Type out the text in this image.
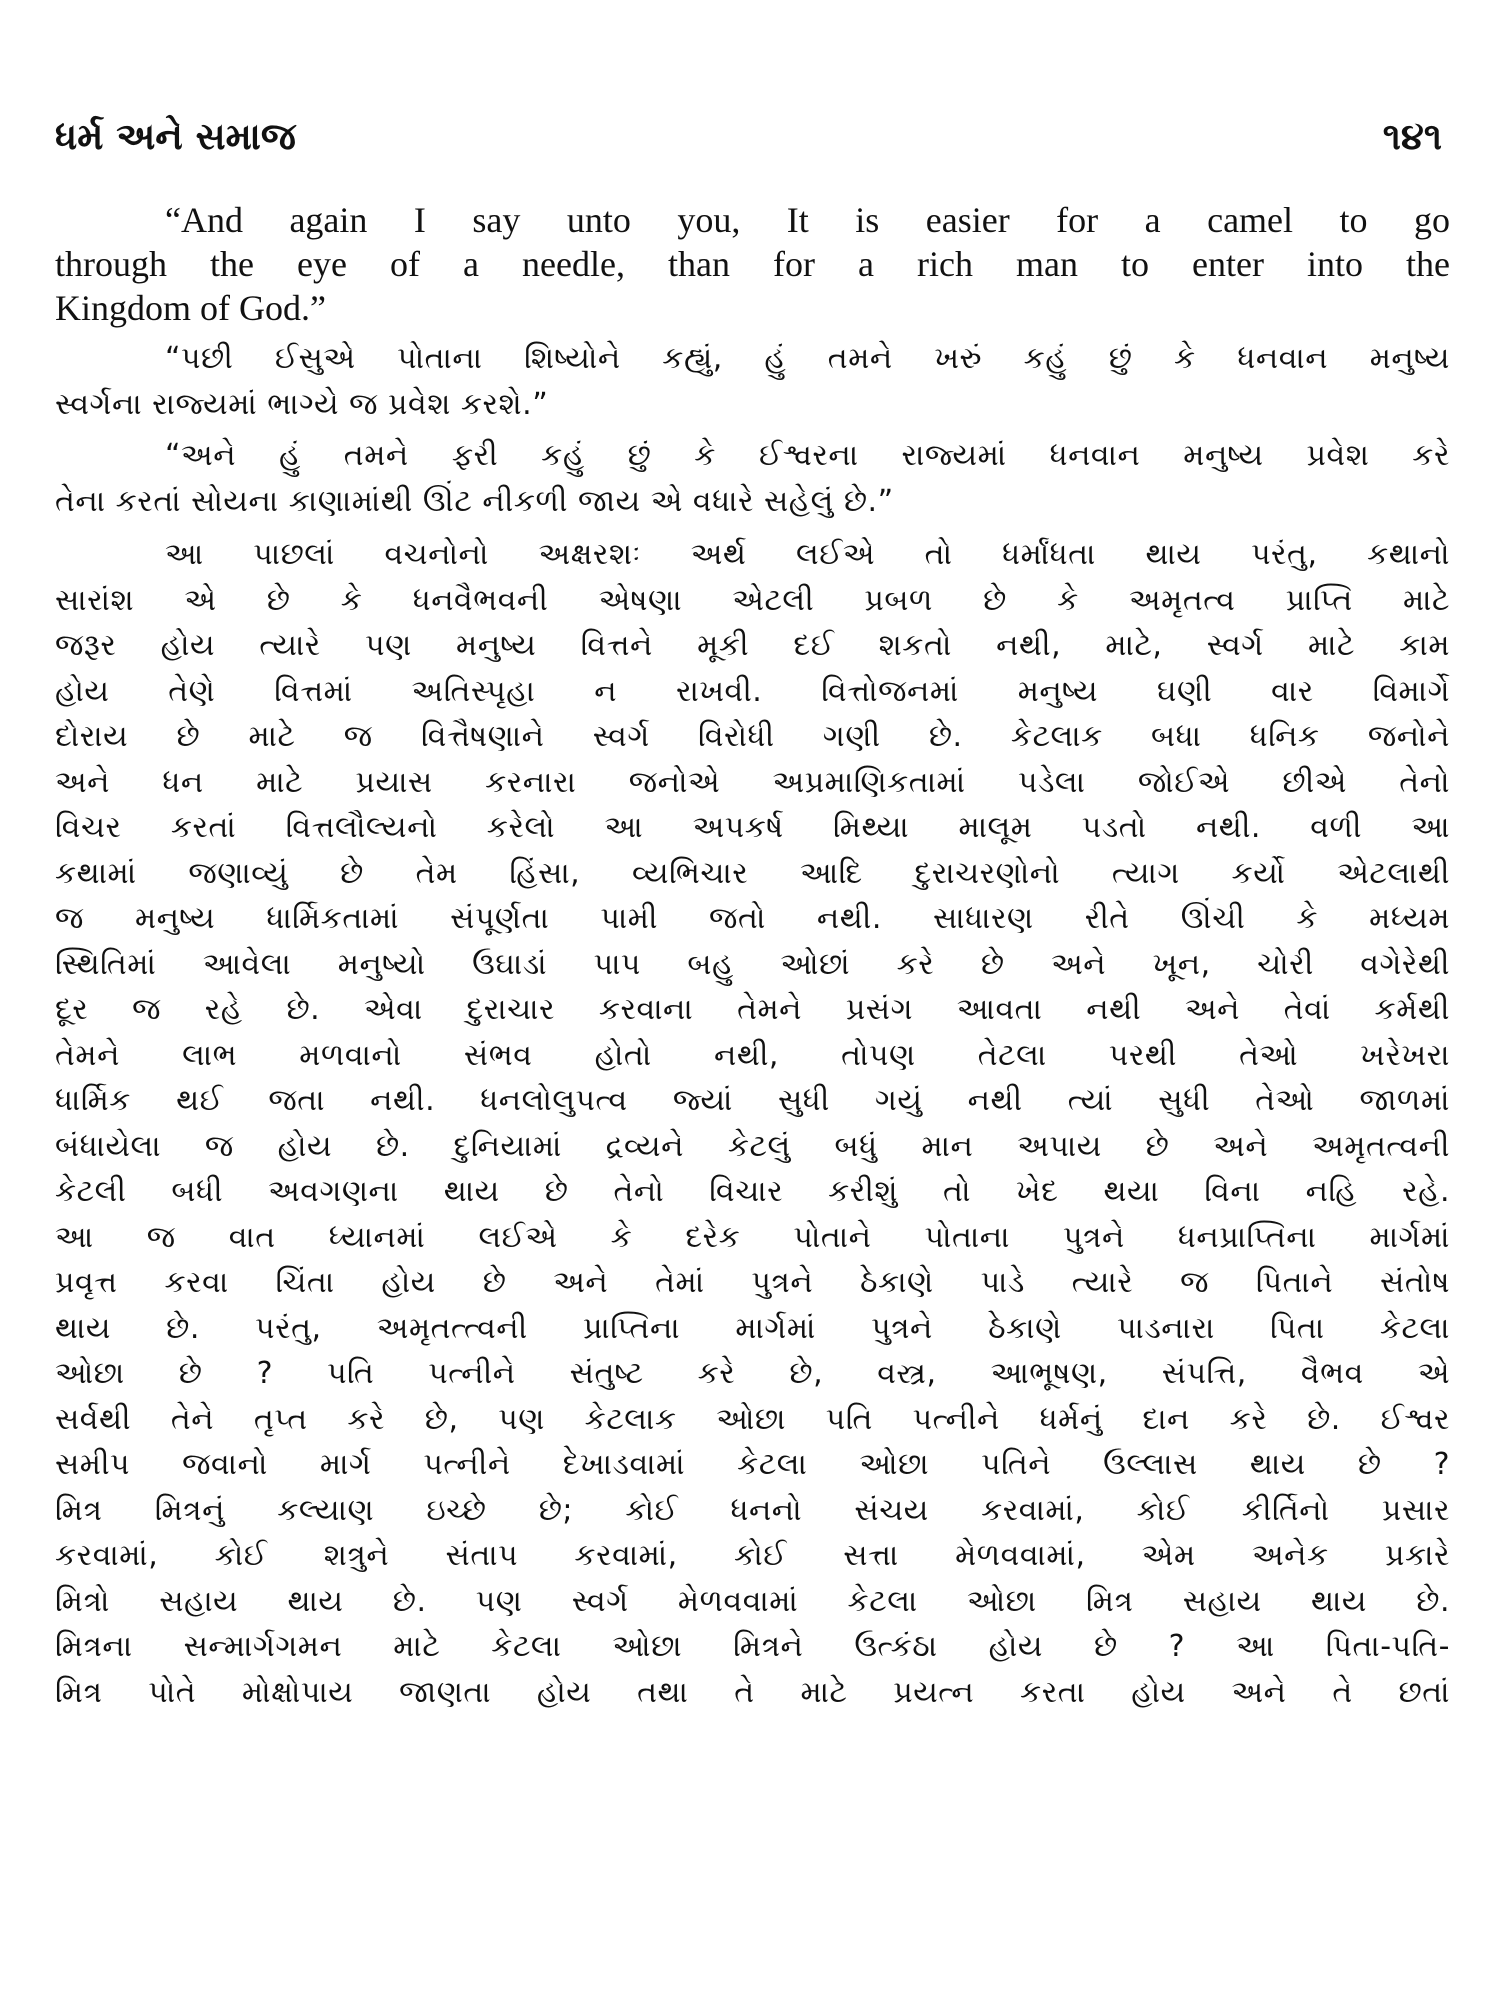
ધર્મ અને સમાજ	૧૪૧
“And again I say unto you, It is easier for a camel to go
through the eye of a needle, than for a rich man to enter into the
Kingdom of God.”
“પછી ઈસુએ પોતાના શિષ્યોને કહ્યું, હું તમને ખરું કહું છું કે ધનવાન મનુષ્ય
સ્વર્ગના રાજ્યમાં ભાગ્યે જ પ્રવેશ કરશે.”
“અને હું તમને ફરી કહું છું કે ઈશ્વરના રાજ્યમાં ધનવાન મનુષ્ય પ્રવેશ કરે
તેના કરતાં સોયના કાણામાંથી ઊંટ નીકળી જાય એ વધારે સહેલું છે.”
આ પાછલાં વચનોનો અક્ષરશઃ અર્થ લઈએ તો ધર્માંધતા થાય પરંતુ, કથાનો
સારાંશ એ છે કે ધનવૈભવની એષણા એટલી પ્રબળ છે કે અમૃતત્વ પ્રાપ્તિ માટે
જરૂર હોય ત્યારે પણ મનુષ્ય વિત્તને મૂકી દઈ શકતો નથી, માટે, સ્વર્ગ માટે કામ
હોય તેણે વિત્તમાં અતિસ્પૃહા ન રાખવી. વિત્તોજનમાં મનુષ્ય ઘણી વાર વિમાર્ગે
દોરાય છે માટે જ વિત્તૈષણાને સ્વર્ગ વિરોધી ગણી છે. કેટલાક બધા ધનિક જનોને
અને ધન માટે પ્રયાસ કરનારા જનોએ અપ્રમાણિકતામાં પડેલા જોઈએ છીએ તેનો
વિચર કરતાં વિત્તલૌલ્યનો કરેલો આ અપકર્ષ મિથ્યા માલૂમ પડતો નથી. વળી આ
કથામાં જણાવ્યું છે તેમ હિંસા, વ્યભિચાર આદિ દુરાચરણોનો ત્યાગ કર્યો એટલાથી
જ મનુષ્ય ધાર્મિકતામાં સંપૂર્ણતા પામી જતો નથી. સાધારણ રીતે ઊંચી કે મધ્યમ
સ્થિતિમાં આવેલા મનુષ્યો ઉઘાડાં પાપ બહુ ઓછાં કરે છે અને ખૂન, ચોરી વગેરેથી
દૂર જ રહે છે. એવા દુરાચાર કરવાના તેમને પ્રસંગ આવતા નથી અને તેવાં કર્મથી
તેમને લાભ મળવાનો સંભવ હોતો નથી, તોપણ તેટલા પરથી તેઓ ખરેખરા
ધાર્મિક થઈ જતા નથી. ધનલોલુપત્વ જ્યાં સુધી ગયું નથી ત્યાં સુધી તેઓ જાળમાં
બંધાયેલા જ હોય છે. દુનિયામાં દ્રવ્યને કેટલું બધું માન અપાય છે અને અમૃતત્વની
કેટલી બધી અવગણના થાય છે તેનો વિચાર કરીશું તો ખેદ થયા વિના નહિ રહે.
આ જ વાત ધ્યાનમાં લઈએ કે દરેક પોતાને પોતાના પુત્રને ધનપ્રાપ્તિના માર્ગમાં
પ્રવૃત્ત કરવા ચિંતા હોય છે અને તેમાં પુત્રને ઠેકાણે પાડે ત્યારે જ પિતાને સંતોષ
થાય છે. પરંતુ, અમૃતત્ત્વની પ્રાપ્તિના માર્ગમાં પુત્રને ઠેકાણે પાડનારા પિતા કેટલા
ઓછા છે ? પતિ પત્નીને સંતુષ્ટ કરે છે, વસ્ત્ર, આભૂષણ, સંપત્તિ, વૈભવ એ
સર્વથી તેને તૃપ્ત કરે છે, પણ કેટલાક ઓછા પતિ પત્નીને ધર્મનું દાન કરે છે. ઈશ્વર
સમીપ જવાનો માર્ગ પત્નીને દેખાડવામાં કેટલા ઓછા પતિને ઉલ્લાસ થાય છે ?
મિત્ર મિત્રનું કલ્યાણ ઇચ્છે છે; કોઈ ધનનો સંચય કરવામાં, કોઈ કીર્તિનો પ્રસાર
કરવામાં, કોઈ શત્રુને સંતાપ કરવામાં, કોઈ સત્તા મેળવવામાં, એમ અનેક પ્રકારે
મિત્રો સહાય થાય છે. પણ સ્વર્ગ મેળવવામાં કેટલા ઓછા મિત્ર સહાય થાય છે.
મિત્રના સન્માર્ગગમન માટે કેટલા ઓછા મિત્રને ઉત્કંઠા હોય છે ? આ પિતા-પતિ-
મિત્ર પોતે મોક્ષોપાય જાણતા હોય તથા તે માટે પ્રયત્ન કરતા હોય અને તે છતાં
